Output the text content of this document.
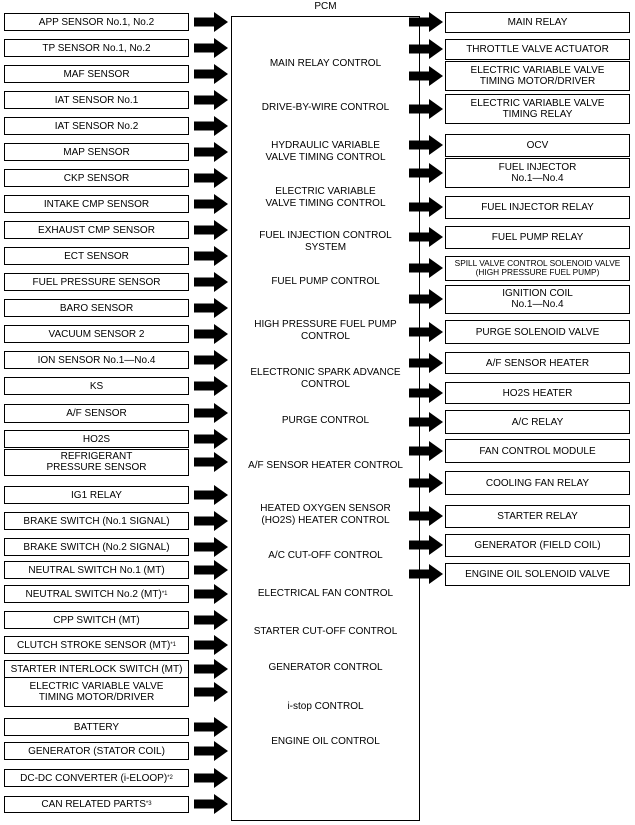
PCM
APP SENSOR No.1, No.2
TP SENSOR No.1, No.2
MAF SENSOR
IAT SENSOR No.1
IAT SENSOR No.2
MAP SENSOR
CKP SENSOR
INTAKE CMP SENSOR
EXHAUST CMP SENSOR
ECT SENSOR
FUEL PRESSURE SENSOR
BARO SENSOR
VACUUM SENSOR 2
ION SENSOR No.1—No.4
KS
A/F SENSOR
HO2S
REFRIGERANT
PRESSURE SENSOR
IG1 RELAY
BRAKE SWITCH (No.1 SIGNAL)
BRAKE SWITCH (No.2 SIGNAL)
NEUTRAL SWITCH No.1 (MT)
NEUTRAL SWITCH No.2 (MT) *1
CPP SWITCH (MT)
CLUTCH STROKE SENSOR (MT) *1
STARTER INTERLOCK SWITCH (MT)
ELECTRIC VARIABLE VALVE
TIMING MOTOR/DRIVER
BATTERY
GENERATOR (STATOR COIL)
DC-DC CONVERTER (i-ELOOP) *2
CAN RELATED PARTS *3
MAIN RELAY
THROTTLE VALVE ACTUATOR
ELECTRIC VARIABLE VALVE
TIMING MOTOR/DRIVER
ELECTRIC VARIABLE VALVE
TIMING RELAY
OCV
FUEL INJECTOR
No.1—No.4
FUEL INJECTOR RELAY
FUEL PUMP RELAY
SPILL VALVE CONTROL SOLENOID VALVE
(HIGH PRESSURE FUEL PUMP)
IGNITION COIL
No.1—No.4
PURGE SOLENOID VALVE
A/F SENSOR HEATER
HO2S HEATER
A/C RELAY
FAN CONTROL MODULE
COOLING FAN RELAY
STARTER RELAY
GENERATOR (FIELD COIL)
ENGINE OIL SOLENOID VALVE
MAIN RELAY CONTROL
DRIVE-BY-WIRE CONTROL
HYDRAULIC VARIABLE
VALVE TIMING CONTROL
ELECTRIC VARIABLE
VALVE TIMING CONTROL
FUEL INJECTION CONTROL
SYSTEM
FUEL PUMP CONTROL
HIGH PRESSURE FUEL PUMP
CONTROL
ELECTRONIC SPARK ADVANCE
CONTROL
PURGE CONTROL
A/F SENSOR HEATER CONTROL
HEATED OXYGEN SENSOR
(HO2S) HEATER CONTROL
A/C CUT-OFF CONTROL
ELECTRICAL FAN CONTROL
STARTER CUT-OFF CONTROL
GENERATOR CONTROL
i-stop CONTROL
ENGINE OIL CONTROL
